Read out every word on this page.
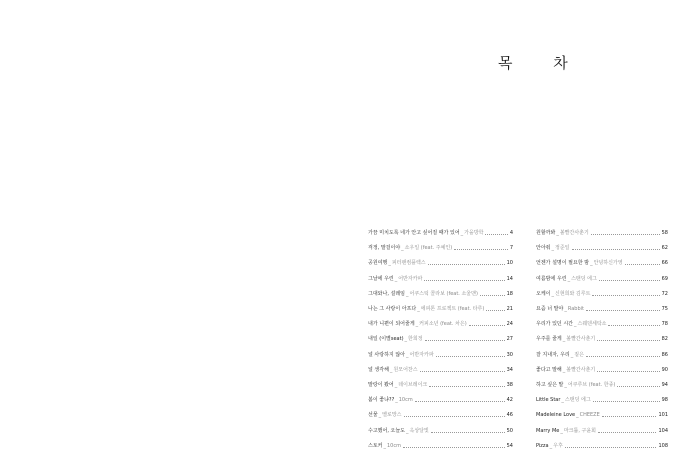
목 차
가끔 미치도록 네가 안고 싶어질 때가 있어 _ 가을방학	4
걱정, 말걸이야 _ 소우일 (feat. 주예인)	7
공원여행 _ 피터팬컴플렉스	10
그날에 우린 _ 어반자카파	14
그대와나, 설레임 _ 어쿠스틱 콜라보 (feat. 소울맨)	18
나는 그 사랑이 아프다 _ 에피톤 프로젝트 (feat. 타루)	21
내가 니편이 되어줄게 _ 커피소년 (feat. 차은)	24
내일 (이별seat) _ 한희정	27
널 사랑하지 않아 _ 어반자카파	30
널 생각해 _ 원모어찬스	34
말랑이 봤어 _ 데이브레이크	38
봄이 좋냐?? _ 10cm	42
선물 _ 멜로망스	46
수고했어, 오늘도 _ 옥상달빛	50
스토커 _ 10cm	54
원할까봐 _ 볼빨간사춘기	58
안아줘 _ 정준일	62
언젠가 설명이 필요한 밤 _ 안녕하신가영	66
여름밤에 우린 _ 스탠딩 에그	69
오케이 _ 신현희와 김루트	72
요즘 너 말야 _ Rabbit	75
우리가 있던 시간 _ 스웨덴세탁소	78
우주를 줄게 _ 볼빨간사춘기	82
잘 지내자, 우리 _ 짙은	86
좋다고 말해 _ 볼빨간사춘기	90
하고 싶은 말 _ 어쿠루브 (feat. 한종)	94
Little Star _ 스탠딩 에그	98
Madeleine Love _ CHEEZE	101
Marry Me _ 마크툽, 구윤회	104
Pizza _ 우후	108
